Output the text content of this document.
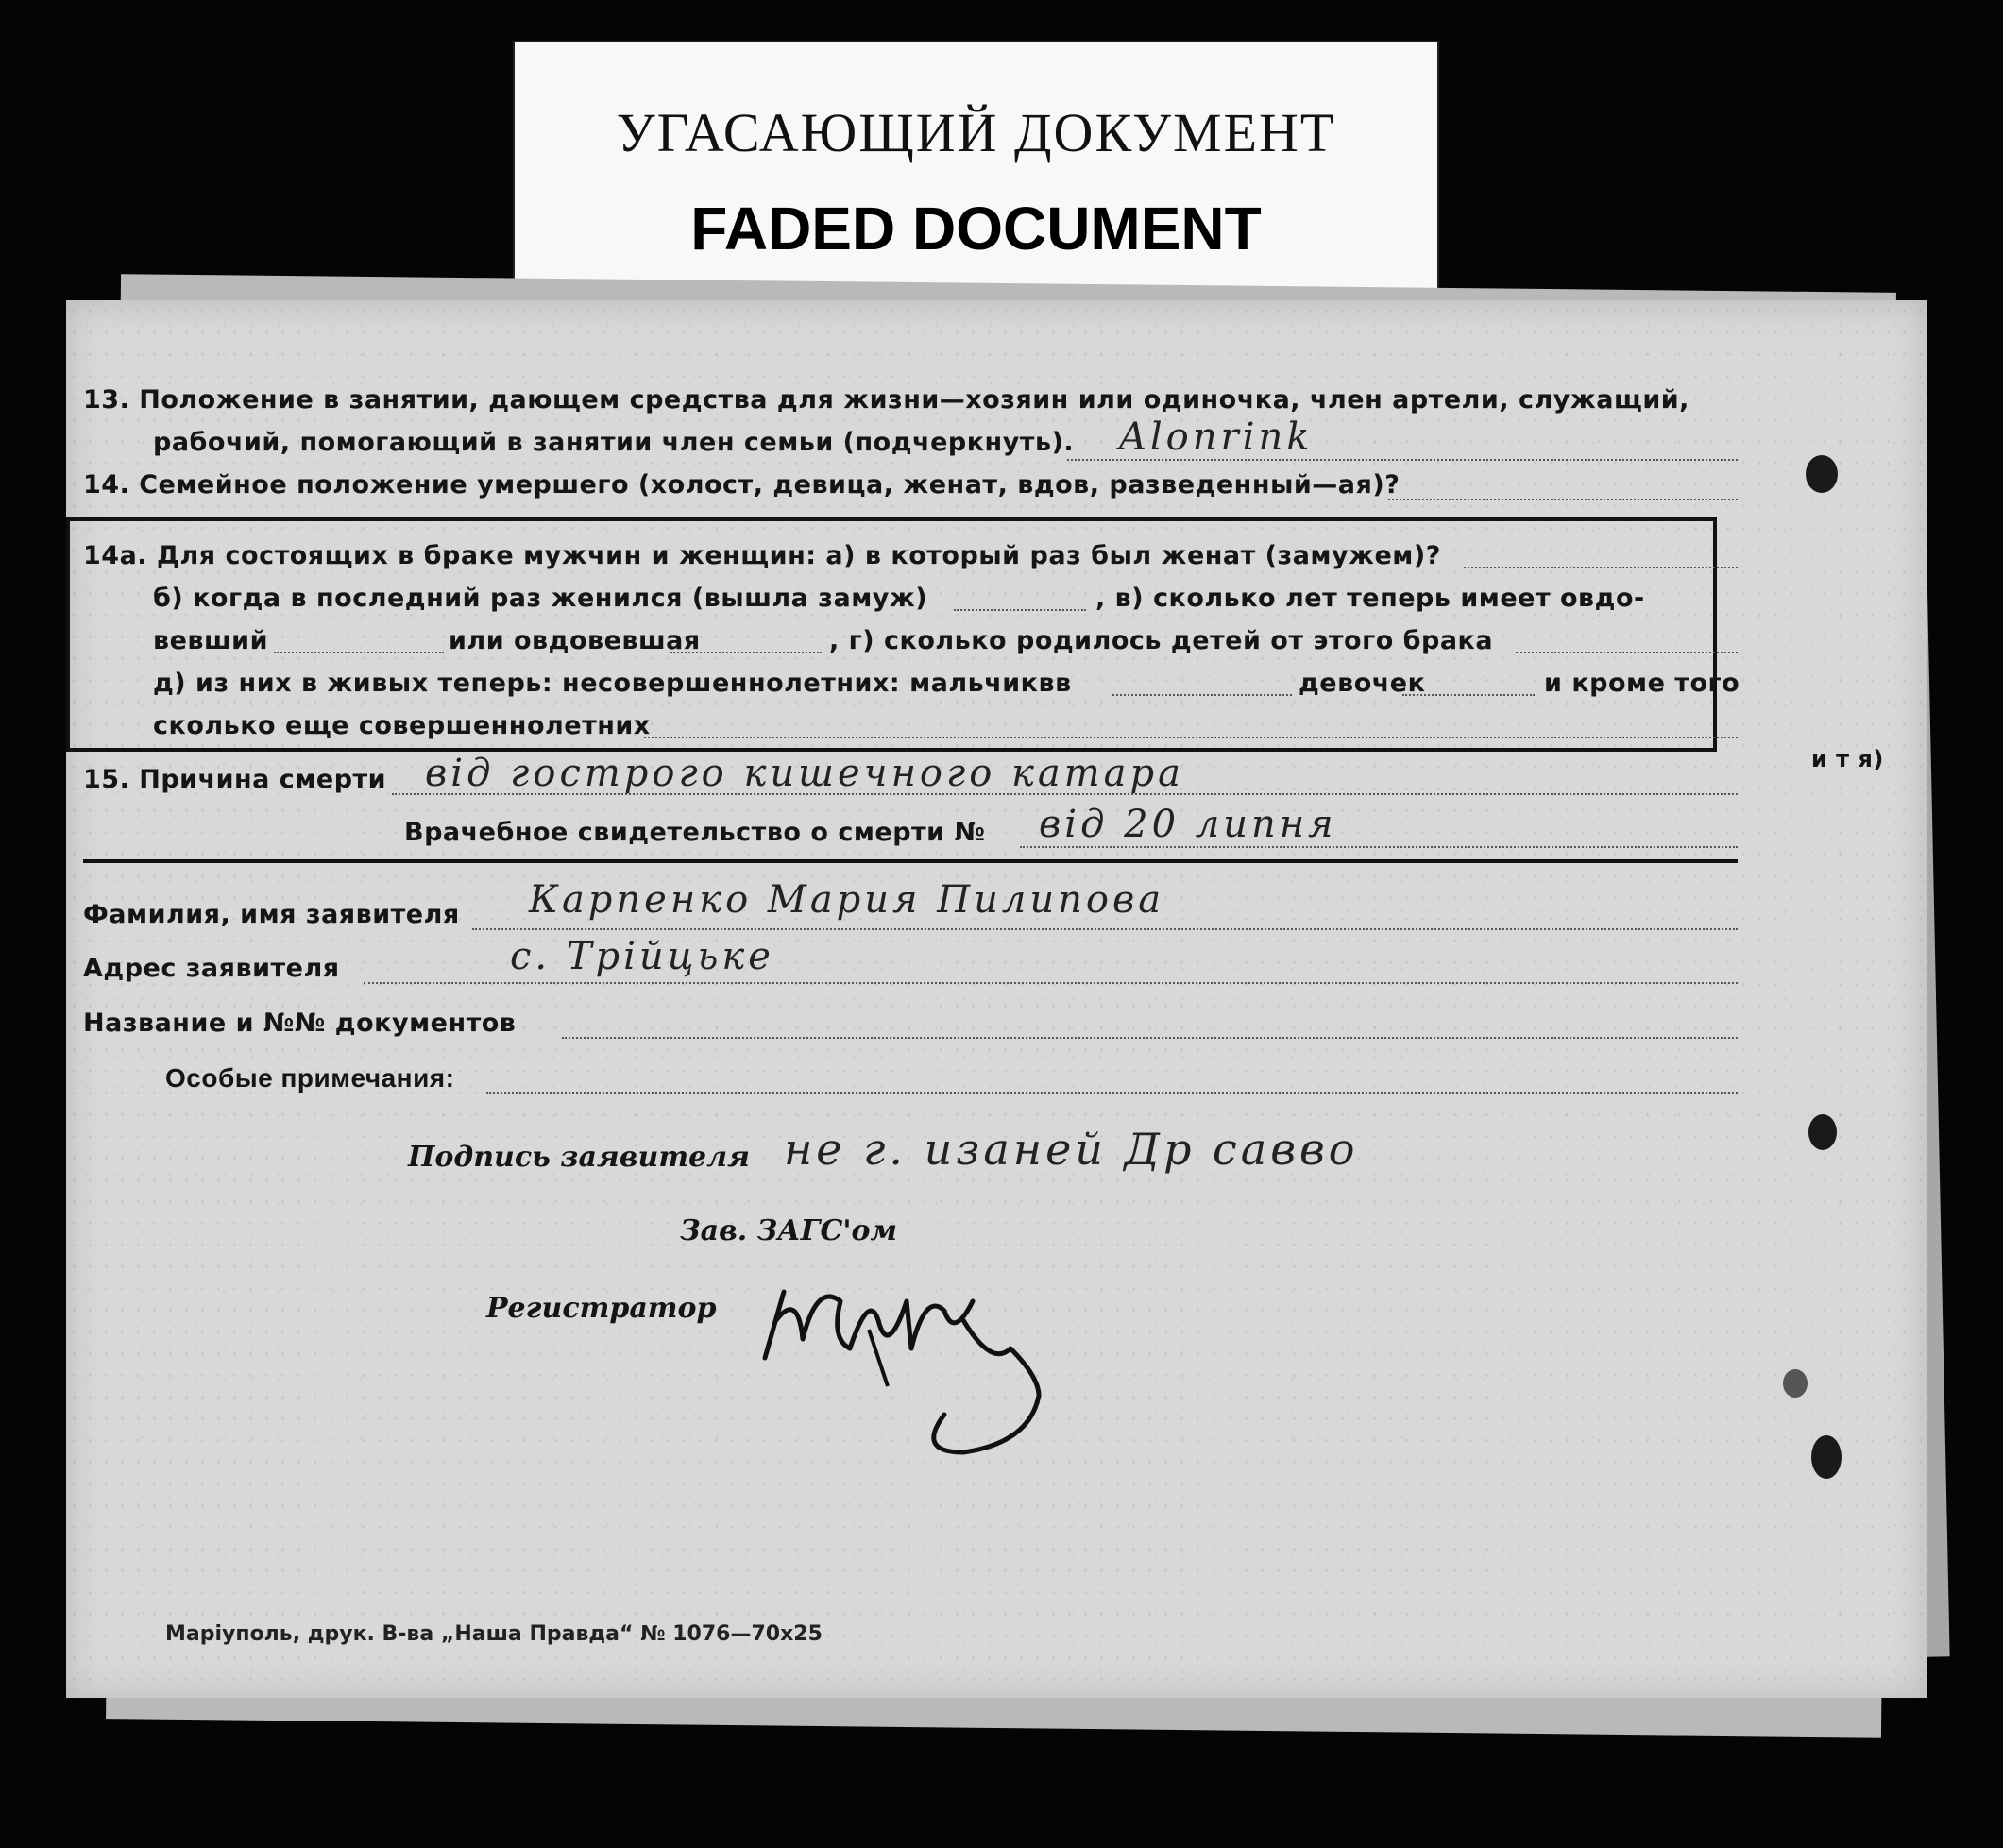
УГАСАЮЩИЙ ДОКУМЕНТ
FADED DOCUMENT
13. Положение в занятии, дающем средства для жизни—хозяин или одиночка, член артели, служащий,
рабочий, помогающий в занятии член семьи (подчеркнуть). Alonrink
14. Семейное положение умершего (холост, девица, женат, вдов, разведенный—ая)?
14а. Для состоящих в браке мужчин и женщин: а) в который раз был женат (замужем)?
б) когда в последний раз женился (вышла замуж)	, в) сколько лет теперь имеет овдо-
вевший	или овдовевшая	, г) сколько родилось детей от этого брака
д) из них в живых теперь: несовершеннолетних: мальчиквв	девочек	и кроме того
сколько еще совершеннолетних
15. Причина смерти від гострого кишечного катара
Врачебное свидетельство о смерти № від 20 липня
Фамилия, имя заявителя Карпенко Мария Пилипова
Адрес заявителя	с. Трійцьке
Название и №№ документов
Особые примечания:
Подпись заявителя не г. изаней Др савво
Зав. ЗАГС'ом
Регистратор
Маріуполь, друк. В-ва „Наша Правда“ № 1076—70х25
и т я)
